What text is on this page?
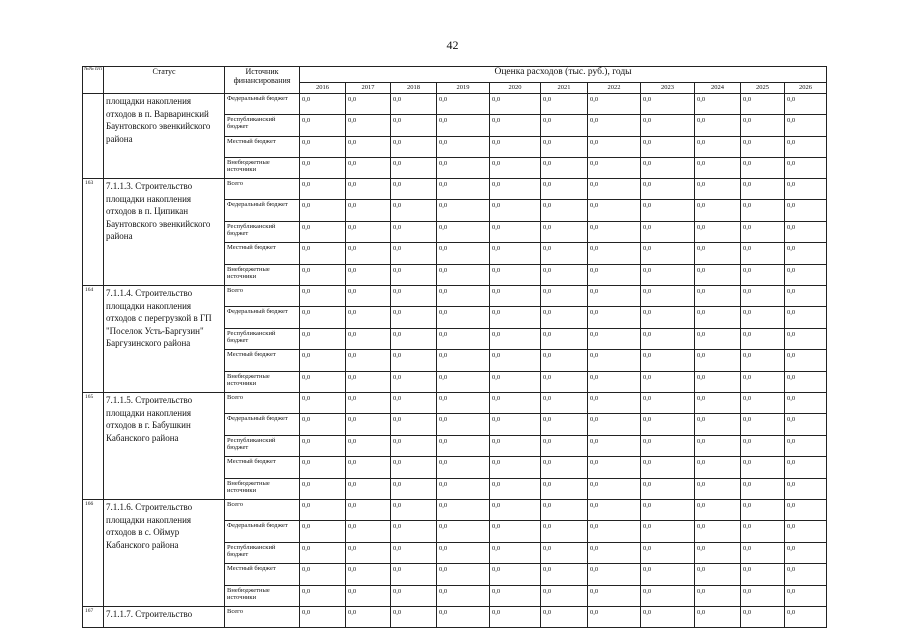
42
№№ п/п	Статус	Источник финансирования	Оценка расходов (тыс. руб.), годы										
			2016	2017	2018	2019	2020	2021	2022	2023	2024	2025	2026
	площадки накопления отходов в п. Варваринский Баунтовского эвенкийского района	Федеральный бюджет	0,0	0,0	0,0	0,0	0,0	0,0	0,0	0,0	0,0	0,0	0,0
		Республиканский бюджет	0,0	0,0	0,0	0,0	0,0	0,0	0,0	0,0	0,0	0,0	0,0
		Местный бюджет	0,0	0,0	0,0	0,0	0,0	0,0	0,0	0,0	0,0	0,0	0,0
		Внебюджетные источники	0,0	0,0	0,0	0,0	0,0	0,0	0,0	0,0	0,0	0,0	0,0
163	7.1.1.3. Строительство площадки накопления отходов в п. Ципикан Баунтовского эвенкийского района	Всего	0,0	0,0	0,0	0,0	0,0	0,0	0,0	0,0	0,0	0,0	0,0
		Федеральный бюджет	0,0	0,0	0,0	0,0	0,0	0,0	0,0	0,0	0,0	0,0	0,0
		Республиканский бюджет	0,0	0,0	0,0	0,0	0,0	0,0	0,0	0,0	0,0	0,0	0,0
		Местный бюджет	0,0	0,0	0,0	0,0	0,0	0,0	0,0	0,0	0,0	0,0	0,0
		Внебюджетные источники	0,0	0,0	0,0	0,0	0,0	0,0	0,0	0,0	0,0	0,0	0,0
164	7.1.1.4. Строительство площадки накопления отходов с перегрузкой в ГП "Поселок Усть-Баргузин" Баргузинского района	Всего	0,0	0,0	0,0	0,0	0,0	0,0	0,0	0,0	0,0	0,0	0,0
		Федеральный бюджет	0,0	0,0	0,0	0,0	0,0	0,0	0,0	0,0	0,0	0,0	0,0
		Республиканский бюджет	0,0	0,0	0,0	0,0	0,0	0,0	0,0	0,0	0,0	0,0	0,0
		Местный бюджет	0,0	0,0	0,0	0,0	0,0	0,0	0,0	0,0	0,0	0,0	0,0
		Внебюджетные источники	0,0	0,0	0,0	0,0	0,0	0,0	0,0	0,0	0,0	0,0	0,0
165	7.1.1.5. Строительство площадки накопления отходов в г. Бабушкин Кабанского района	Всего	0,0	0,0	0,0	0,0	0,0	0,0	0,0	0,0	0,0	0,0	0,0
		Федеральный бюджет	0,0	0,0	0,0	0,0	0,0	0,0	0,0	0,0	0,0	0,0	0,0
		Республиканский бюджет	0,0	0,0	0,0	0,0	0,0	0,0	0,0	0,0	0,0	0,0	0,0
		Местный бюджет	0,0	0,0	0,0	0,0	0,0	0,0	0,0	0,0	0,0	0,0	0,0
		Внебюджетные источники	0,0	0,0	0,0	0,0	0,0	0,0	0,0	0,0	0,0	0,0	0,0
166	7.1.1.6. Строительство площадки накопления отходов в с. Оймур Кабанского района	Всего	0,0	0,0	0,0	0,0	0,0	0,0	0,0	0,0	0,0	0,0	0,0
		Федеральный бюджет	0,0	0,0	0,0	0,0	0,0	0,0	0,0	0,0	0,0	0,0	0,0
		Республиканский бюджет	0,0	0,0	0,0	0,0	0,0	0,0	0,0	0,0	0,0	0,0	0,0
		Местный бюджет	0,0	0,0	0,0	0,0	0,0	0,0	0,0	0,0	0,0	0,0	0,0
		Внебюджетные источники	0,0	0,0	0,0	0,0	0,0	0,0	0,0	0,0	0,0	0,0	0,0
167	7.1.1.7. Строительство	Всего	0,0	0,0	0,0	0,0	0,0	0,0	0,0	0,0	0,0	0,0	0,0
